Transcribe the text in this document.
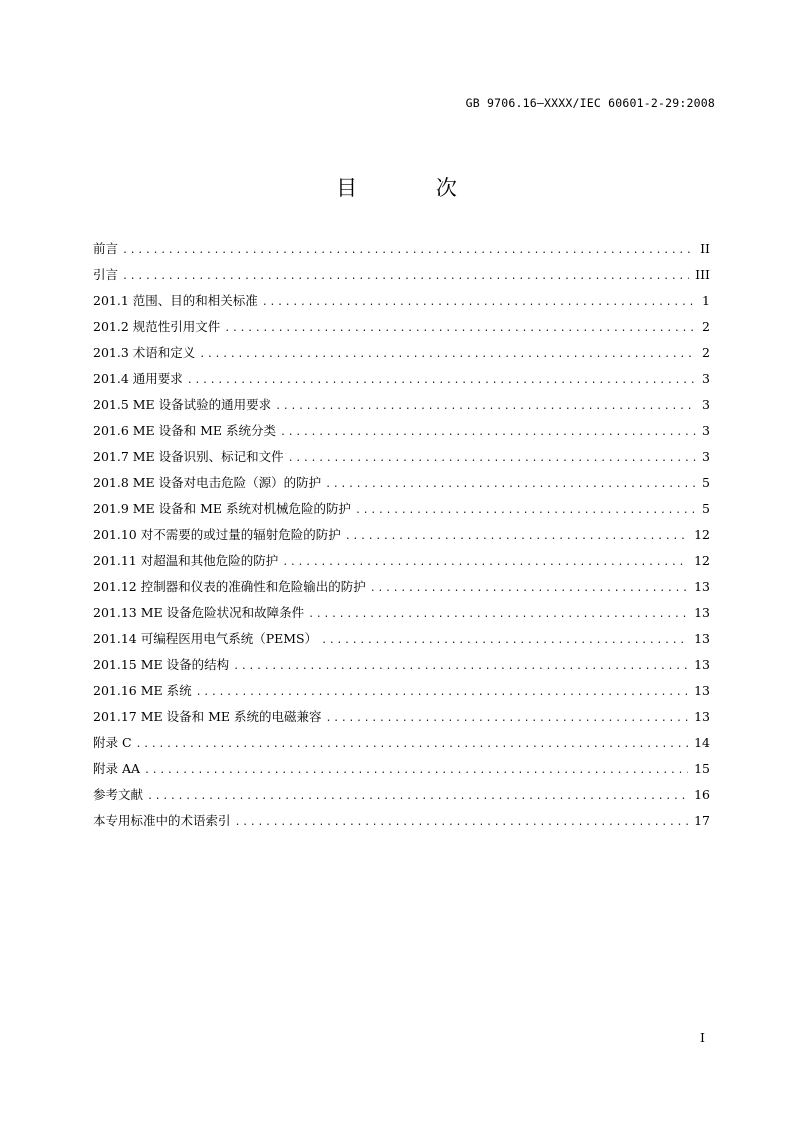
GB 9706.16—XXXX/IEC 60601-2-29:2008
目 次
前言 .....	II
引言 .....	III
201.1 范围、目的和相关标准 .....	1
201.2 规范性引用文件 .....	2
201.3 术语和定义 .....	2
201.4 通用要求 .....	3
201.5 ME 设备试验的通用要求 .....	3
201.6 ME 设备和 ME 系统分类 .....	3
201.7 ME 设备识别、标记和文件 .....	3
201.8 ME 设备对电击危险（源）的防护 .....	5
201.9 ME 设备和 ME 系统对机械危险的防护 .....	5
201.10 对不需要的或过量的辐射危险的防护 .....	12
201.11 对超温和其他危险的防护 .....	12
201.12 控制器和仪表的准确性和危险输出的防护 .....	13
201.13 ME 设备危险状况和故障条件 .....	13
201.14 可编程医用电气系统（PEMS） .....	13
201.15 ME 设备的结构 .....	13
201.16 ME 系统 .....	13
201.17 ME 设备和 ME 系统的电磁兼容 .....	13
附录 C .....	14
附录 AA .....	15
参考文献 .....	16
本专用标准中的术语索引 .....	17
I
